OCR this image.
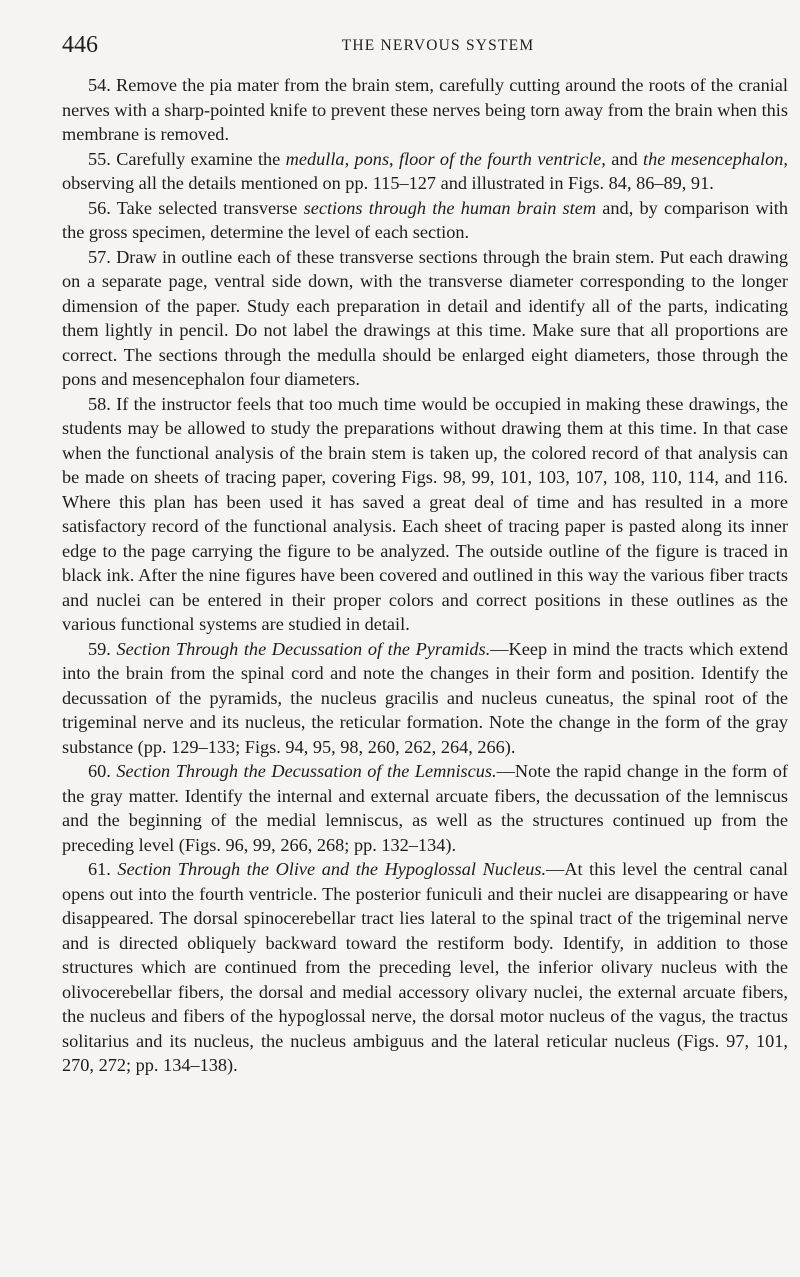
446	THE NERVOUS SYSTEM

54. Remove the pia mater from the brain stem, carefully cutting around the roots of the cranial nerves with a sharp-pointed knife to prevent these nerves being torn away from the brain when this membrane is removed.

55. Carefully examine the medulla, pons, floor of the fourth ventricle, and the mesencephalon, observing all the details mentioned on pp. 115–127 and illustrated in Figs. 84, 86–89, 91.

56. Take selected transverse sections through the human brain stem and, by comparison with the gross specimen, determine the level of each section.

57. Draw in outline each of these transverse sections through the brain stem. Put each drawing on a separate page, ventral side down, with the transverse diameter corresponding to the longer dimension of the paper. Study each preparation in detail and identify all of the parts, indicating them lightly in pencil. Do not label the drawings at this time. Make sure that all proportions are correct. The sections through the medulla should be enlarged eight diameters, those through the pons and mesencephalon four diameters.

58. If the instructor feels that too much time would be occupied in making these drawings, the students may be allowed to study the preparations without drawing them at this time. In that case when the functional analysis of the brain stem is taken up, the colored record of that analysis can be made on sheets of tracing paper, covering Figs. 98, 99, 101, 103, 107, 108, 110, 114, and 116. Where this plan has been used it has saved a great deal of time and has resulted in a more satisfactory record of the functional analysis. Each sheet of tracing paper is pasted along its inner edge to the page carrying the figure to be analyzed. The outside outline of the figure is traced in black ink. After the nine figures have been covered and outlined in this way the various fiber tracts and nuclei can be entered in their proper colors and correct positions in these outlines as the various functional systems are studied in detail.

59. Section Through the Decussation of the Pyramids.—Keep in mind the tracts which extend into the brain from the spinal cord and note the changes in their form and position. Identify the decussation of the pyramids, the nucleus gracilis and nucleus cuneatus, the spinal root of the trigeminal nerve and its nucleus, the reticular formation. Note the change in the form of the gray substance (pp. 129–133; Figs. 94, 95, 98, 260, 262, 264, 266).

60. Section Through the Decussation of the Lemniscus.—Note the rapid change in the form of the gray matter. Identify the internal and external arcuate fibers, the decussation of the lemniscus and the beginning of the medial lemniscus, as well as the structures continued up from the preceding level (Figs. 96, 99, 266, 268; pp. 132–134).

61. Section Through the Olive and the Hypoglossal Nucleus.—At this level the central canal opens out into the fourth ventricle. The posterior funiculi and their nuclei are disappearing or have disappeared. The dorsal spinocerebellar tract lies lateral to the spinal tract of the trigeminal nerve and is directed obliquely backward toward the restiform body. Identify, in addition to those structures which are continued from the preceding level, the inferior olivary nucleus with the olivocerebellar fibers, the dorsal and medial accessory olivary nuclei, the external arcuate fibers, the nucleus and fibers of the hypoglossal nerve, the dorsal motor nucleus of the vagus, the tractus solitarius and its nucleus, the nucleus ambiguus and the lateral reticular nucleus (Figs. 97, 101, 270, 272; pp. 134–138).
